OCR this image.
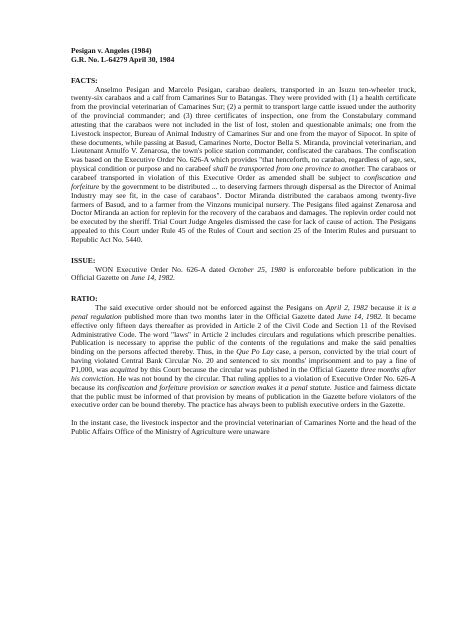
Pesigan v. Angeles (1984)

G.R. No. L-64279 April 30, 1984

FACTS:

Anselmo Pesigan and Marcelo Pesigan, carabao dealers, transported in an Isuzu ten-wheeler truck, twenty-six carabaos and a calf from Camarines Sur to Batangas. They were provided with (1) a health certificate from the provincial veterinarian of Camarines Sur; (2) a permit to transport large cattle issued under the authority of the provincial commander; and (3) three certificates of inspection, one from the Constabulary command attesting that the carabaos were not included in the list of lost, stolen and questionable animals; one from the Livestock inspector, Bureau of Animal Industry of Camarines Sur and one from the mayor of Sipocot. In spite of these documents, while passing at Basud, Camarines Norte, Doctor Bella S. Miranda, provincial veterinarian, and Lieutenant Arnulfo V. Zenarosa, the town's police station commander, confiscated the carabaos. The confiscation was based on the Executive Order No. 626-A which provides "that henceforth, no carabao, regardless of age, sex, physical condition or purpose and no carabeef shall be transported from one province to another. The carabaos or carabeef transported in violation of this Executive Order as amended shall be subject to confiscation and forfeiture by the government to be distributed ... to deserving farmers through dispersal as the Director of Animal Industry may see fit, in the case of carabaos". Doctor Miranda distributed the carabaos among twenty-five farmers of Basud, and to a farmer from the Vinzons municipal nursery. The Pesigans filed against Zenarosa and Doctor Miranda an action for replevin for the recovery of the carabaos and damages. The replevin order could not be executed by the sheriff. Trial Court Judge Angeles dismissed the case for lack of cause of action. The Pesigans appealed to this Court under Rule 45 of the Rules of Court and section 25 of the Interim Rules and pursuant to Republic Act No. 5440.

ISSUE:

WON Executive Order No. 626-A dated October 25, 1980 is enforceable before publication in the Official Gazette on June 14, 1982.

RATIO:

The said executive order should not be enforced against the Pesigans on April 2, 1982 because it is a penal regulation published more than two months later in the Official Gazette dated June 14, 1982. It became effective only fifteen days thereafter as provided in Article 2 of the Civil Code and Section 11 of the Revised Administrative Code. The word "laws" in Article 2 includes circulars and regulations which prescribe penalties. Publication is necessary to apprise the public of the contents of the regulations and make the said penalties binding on the persons affected thereby. Thus, in the Que Po Lay case, a person, convicted by the trial court of having violated Central Bank Circular No. 20 and sentenced to six months' imprisonment and to pay a fine of P1,000, was acquitted by this Court because the circular was published in the Official Gazette three months after his conviction. He was not bound by the circular. That ruling applies to a violation of Executive Order No. 626-A because its confiscation and forfeiture provision or sanction makes it a penal statute. Justice and fairness dictate that the public must be informed of that provision by means of publication in the Gazette before violators of the executive order can be bound thereby. The practice has always been to publish executive orders in the Gazette.

In the instant case, the livestock inspector and the provincial veterinarian of Camarines Norte and the head of the Public Affairs Office of the Ministry of Agriculture were unaware
